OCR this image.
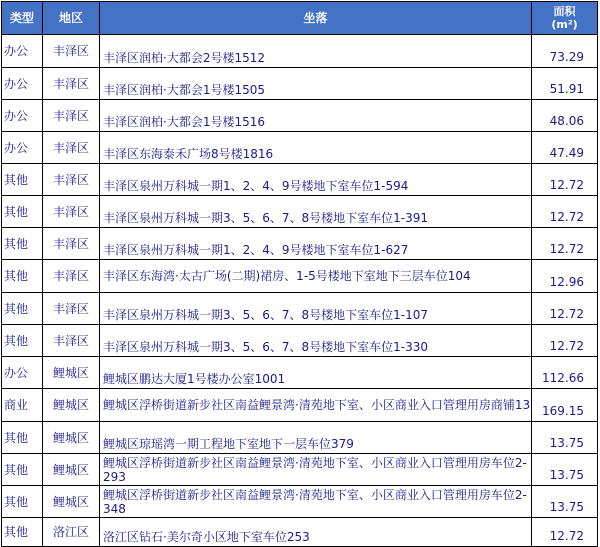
类型	地区	坐落	面积
(m²)
办公	丰泽区	丰泽区润柏·大都会2号楼1512	73.29
办公	丰泽区	丰泽区润柏·大都会1号楼1505	51.91
办公	丰泽区	丰泽区润柏·大都会1号楼1516	48.06
办公	丰泽区	丰泽区东海泰禾广场8号楼1816	47.49
其他	丰泽区	丰泽区泉州万科城一期1、2、4、9号楼地下室车位1-594	12.72
其他	丰泽区	丰泽区泉州万科城一期3、5、6、7、8号楼地下室车位1-391	12.72
其他	丰泽区	丰泽区泉州万科城一期1、2、4、9号楼地下室车位1-627	12.72
其他	丰泽区	丰泽区东海湾·太古广场(二期)裙房、1-5号楼地下室地下三层车位104	12.96
其他	丰泽区	丰泽区泉州万科城一期3、5、6、7、8号楼地下室车位1-107	12.72
其他	丰泽区	丰泽区泉州万科城一期3、5、6、7、8号楼地下室车位1-330	12.72
办公	鲤城区	鲤城区鹏达大厦1号楼办公室1001	112.66
商业	鲤城区	鲤城区浮桥街道新步社区南益鲤景湾·清苑地下室、小区商业入口管理用房商铺13	169.15
其他	鲤城区	鲤城区琼瑶湾一期工程地下室地下一层车位379	13.75
其他	鲤城区	鲤城区浮桥街道新步社区南益鲤景湾·清苑地下室、小区商业入口管理用房车位2-293	13.75
其他	鲤城区	鲤城区浮桥街道新步社区南益鲤景湾·清苑地下室、小区商业入口管理用房车位2-348	13.75
其他	洛江区	洛江区钻石·美尔奇小区地下室车位253	12.72
